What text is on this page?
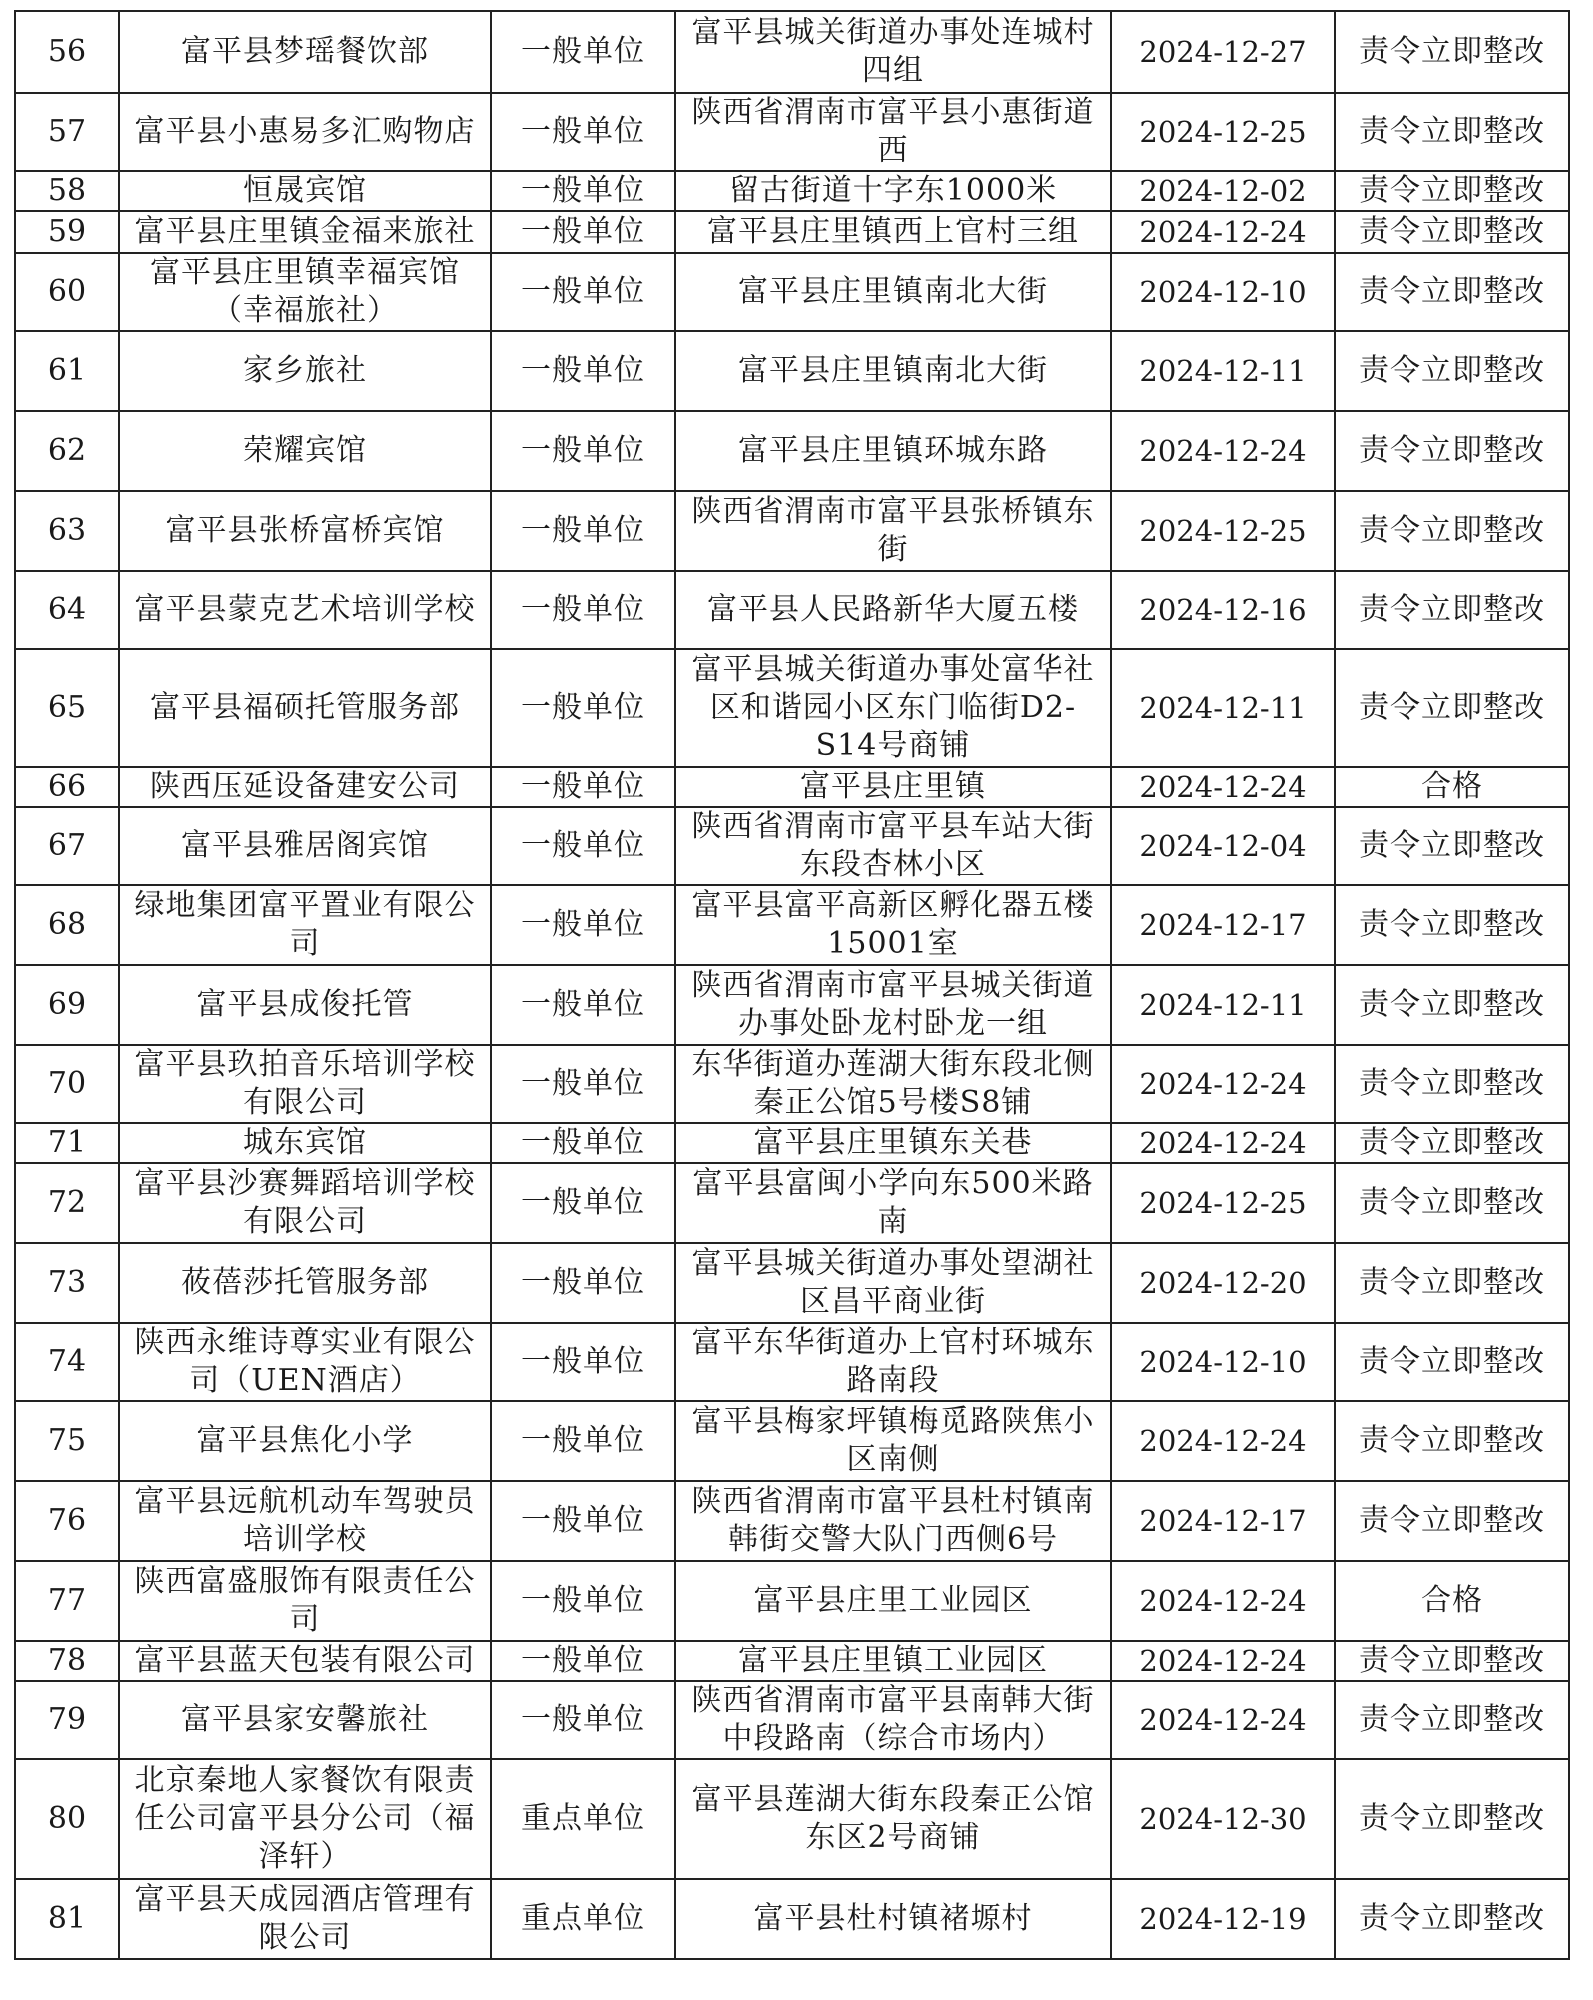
56	富平县梦瑶餐饮部	一般单位	富平县城关街道办事处连城村四组	2024-12-27	责令立即整改
57	富平县小惠易多汇购物店	一般单位	陕西省渭南市富平县小惠街道西	2024-12-25	责令立即整改
58	恒晟宾馆	一般单位	留古街道十字东1000米	2024-12-02	责令立即整改
59	富平县庄里镇金福来旅社	一般单位	富平县庄里镇西上官村三组	2024-12-24	责令立即整改
60	富平县庄里镇幸福宾馆（幸福旅社）	一般单位	富平县庄里镇南北大街	2024-12-10	责令立即整改
61	家乡旅社	一般单位	富平县庄里镇南北大街	2024-12-11	责令立即整改
62	荣耀宾馆	一般单位	富平县庄里镇环城东路	2024-12-24	责令立即整改
63	富平县张桥富桥宾馆	一般单位	陕西省渭南市富平县张桥镇东街	2024-12-25	责令立即整改
64	富平县蒙克艺术培训学校	一般单位	富平县人民路新华大厦五楼	2024-12-16	责令立即整改
65	富平县福硕托管服务部	一般单位	富平县城关街道办事处富华社区和谐园小区东门临街D2-S14号商铺	2024-12-11	责令立即整改
66	陕西压延设备建安公司	一般单位	富平县庄里镇	2024-12-24	合格
67	富平县雅居阁宾馆	一般单位	陕西省渭南市富平县车站大街东段杏林小区	2024-12-04	责令立即整改
68	绿地集团富平置业有限公司	一般单位	富平县富平高新区孵化器五楼15001室	2024-12-17	责令立即整改
69	富平县成俊托管	一般单位	陕西省渭南市富平县城关街道办事处卧龙村卧龙一组	2024-12-11	责令立即整改
70	富平县玖拍音乐培训学校有限公司	一般单位	东华街道办莲湖大街东段北侧秦正公馆5号楼S8铺	2024-12-24	责令立即整改
71	城东宾馆	一般单位	富平县庄里镇东关巷	2024-12-24	责令立即整改
72	富平县沙赛舞蹈培训学校有限公司	一般单位	富平县富闽小学向东500米路南	2024-12-25	责令立即整改
73	莜蓓莎托管服务部	一般单位	富平县城关街道办事处望湖社区昌平商业街	2024-12-20	责令立即整改
74	陕西永维诗尊实业有限公司（UEN酒店）	一般单位	富平东华街道办上官村环城东路南段	2024-12-10	责令立即整改
75	富平县焦化小学	一般单位	富平县梅家坪镇梅觅路陕焦小区南侧	2024-12-24	责令立即整改
76	富平县远航机动车驾驶员培训学校	一般单位	陕西省渭南市富平县杜村镇南韩街交警大队门西侧6号	2024-12-17	责令立即整改
77	陕西富盛服饰有限责任公司	一般单位	富平县庄里工业园区	2024-12-24	合格
78	富平县蓝天包装有限公司	一般单位	富平县庄里镇工业园区	2024-12-24	责令立即整改
79	富平县家安馨旅社	一般单位	陕西省渭南市富平县南韩大街中段路南（综合市场内）	2024-12-24	责令立即整改
80	北京秦地人家餐饮有限责任公司富平县分公司（福泽轩）	重点单位	富平县莲湖大街东段秦正公馆东区2号商铺	2024-12-30	责令立即整改
81	富平县天成园酒店管理有限公司	重点单位	富平县杜村镇褚塬村	2024-12-19	责令立即整改
